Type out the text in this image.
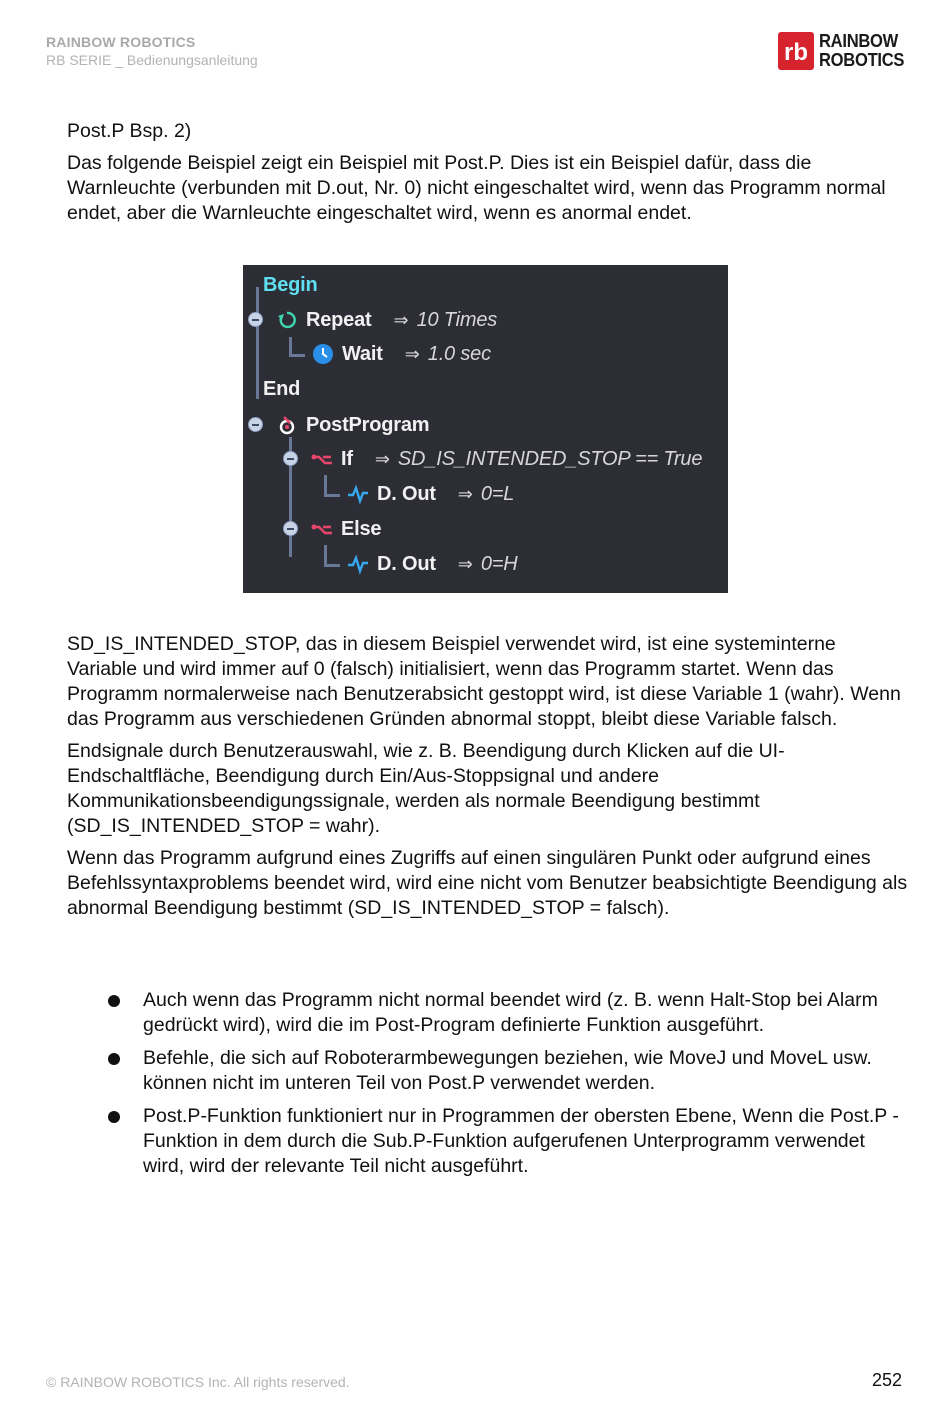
RAINBOW ROBOTICS
RB SERIE _ Bedienungsanleitung	rb RAINBOW
ROBOTICS

Post.P Bsp. 2)

Das folgende Beispiel zeigt ein Beispiel mit Post.P. Dies ist ein Beispiel dafür, dass die Warnleuchte (verbunden mit D.out, Nr. 0) nicht eingeschaltet wird, wenn das Programm normal endet, aber die Warnleuchte eingeschaltet wird, wenn es anormal endet.

Begin
Repeat ⇒ 10 Times
Wait ⇒ 1.0 sec
End
PostProgram
If ⇒ SD_IS_INTENDED_STOP == True
D. Out ⇒ 0=L
Else
D. Out ⇒ 0=H

SD_IS_INTENDED_STOP, das in diesem Beispiel verwendet wird, ist eine systeminterne Variable und wird immer auf 0 (falsch) initialisiert, wenn das Programm startet. Wenn das Programm normalerweise nach Benutzerabsicht gestoppt wird, ist diese Variable 1 (wahr). Wenn das Programm aus verschiedenen Gründen abnormal stoppt, bleibt diese Variable falsch.

Endsignale durch Benutzerauswahl, wie z. B. Beendigung durch Klicken auf die UI-Endschaltfläche, Beendigung durch Ein/Aus-Stoppsignal und andere Kommunikationsbeendigungssignale, werden als normale Beendigung bestimmt (SD_IS_INTENDED_STOP = wahr).

Wenn das Programm aufgrund eines Zugriffs auf einen singulären Punkt oder aufgrund eines Befehlssyntaxproblems beendet wird, wird eine nicht vom Benutzer beabsichtigte Beendigung als abnormal Beendigung bestimmt (SD_IS_INTENDED_STOP = falsch).

Auch wenn das Programm nicht normal beendet wird (z. B. wenn Halt-Stop bei Alarm gedrückt wird), wird die im Post-Program definierte Funktion ausgeführt.
Befehle, die sich auf Roboterarmbewegungen beziehen, wie MoveJ und MoveL usw. können nicht im unteren Teil von Post.P verwendet werden.
Post.P-Funktion funktioniert nur in Programmen der obersten Ebene, Wenn die Post.P -Funktion in dem durch die Sub.P-Funktion aufgerufenen Unterprogramm verwendet wird, wird der relevante Teil nicht ausgeführt.
© RAINBOW ROBOTICS Inc. All rights reserved.	252
